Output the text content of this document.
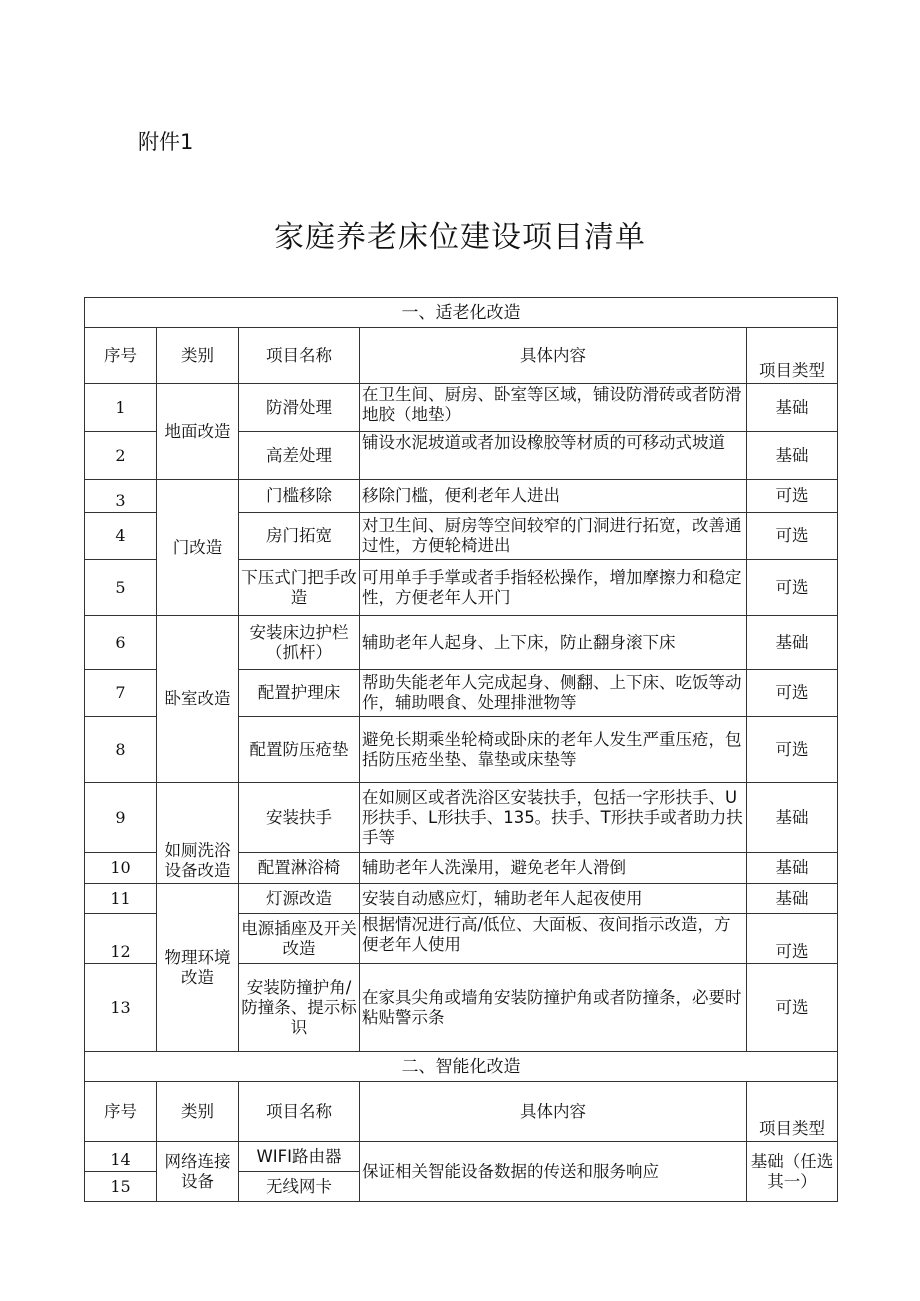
附件1
家庭养老床位建设项目清单
一、适老化改造				
序号	类别	项目名称	具体内容	项目类型
1	地面改造	防滑处理	在卫生间、厨房、卧室等区域，铺设防滑砖或者防滑地胶（地垫）	基础
2		高差处理	铺设水泥坡道或者加设橡胶等材质的可移动式坡道	基础
3	门改造	门槛移除	移除门槛，便利老年人进出	可选
4		房门拓宽	对卫生间、厨房等空间较窄的门洞进行拓宽，改善通过性，方便轮椅进出	可选
5		下压式门把手改造	可用单手手掌或者手指轻松操作，增加摩擦力和稳定性，方便老年人开门	可选
6	卧室改造	安装床边护栏（抓杆）	辅助老年人起身、上下床，防止翻身滚下床	基础
7		配置护理床	帮助失能老年人完成起身、侧翻、上下床、吃饭等动作，辅助喂食、处理排泄物等	可选
8		配置防压疮垫	避免长期乘坐轮椅或卧床的老年人发生严重压疮，包括防压疮坐垫、靠垫或床垫等	可选
9	如厕洗浴设备改造	安装扶手	在如厕区或者洗浴区安装扶手，包括一字形扶手、U形扶手、L形扶手、135。扶手、T形扶手或者助力扶手等	基础
10		配置淋浴椅	辅助老年人洗澡用，避免老年人滑倒	基础
11	物理环境改造	灯源改造	安装自动感应灯，辅助老年人起夜使用	基础
12		电源插座及开关改造	根据情况进行高/低位、大面板、夜间指示改造，方便老年人使用	可选
13		安装防撞护角/防撞条、提示标识	在家具尖角或墙角安装防撞护角或者防撞条，必要时粘贴警示条	可选
二、智能化改造				
序号	类别	项目名称	具体内容	项目类型
14	网络连接设备	WIFI路由器	保证相关智能设备数据的传送和服务响应	基础（任选其一）
15		无线网卡		
